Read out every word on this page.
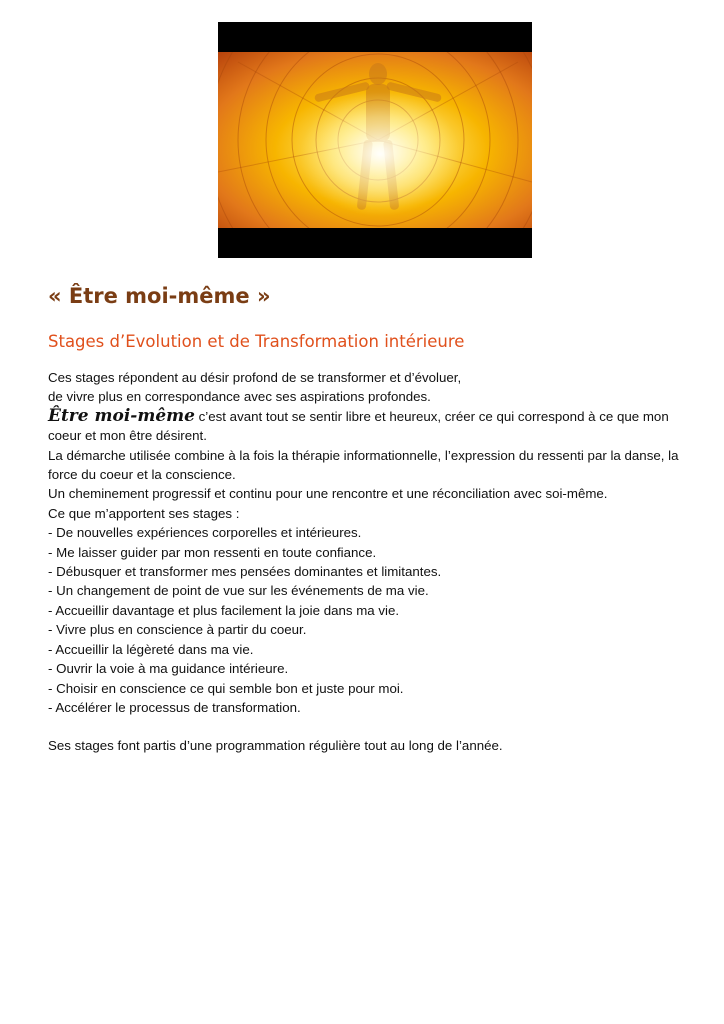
« Être moi-même »
Stages d’Evolution et de Transformation intérieure

Ces stages répondent au désir profond de se transformer et d’évoluer,

de vivre plus en correspondance avec ses aspirations profondes.

Être moi-même c’est avant tout se sentir libre et heureux, créer ce qui correspond à ce que mon coeur et mon être désirent.

La démarche utilisée combine à la fois la thérapie informationnelle, l’expression du ressenti par la danse, la force du coeur et la conscience.

Un cheminement progressif et continu pour une rencontre et une réconciliation avec soi-même.

Ce que m’apportent ses stages :

- De nouvelles expériences corporelles et intérieures.
- Me laisser guider par mon ressenti en toute confiance.
- Débusquer et transformer mes pensées dominantes et limitantes.
- Un changement de point de vue sur les événements de ma vie.
- Accueillir davantage et plus facilement la joie dans ma vie.
- Vivre plus en conscience à partir du coeur.
- Accueillir la légèreté dans ma vie.
- Ouvrir la voie à ma guidance intérieure.
- Choisir en conscience ce qui semble bon et juste pour moi.
- Accélérer le processus de transformation.

Ses stages font partis d’une programmation régulière tout au long de l’année.
